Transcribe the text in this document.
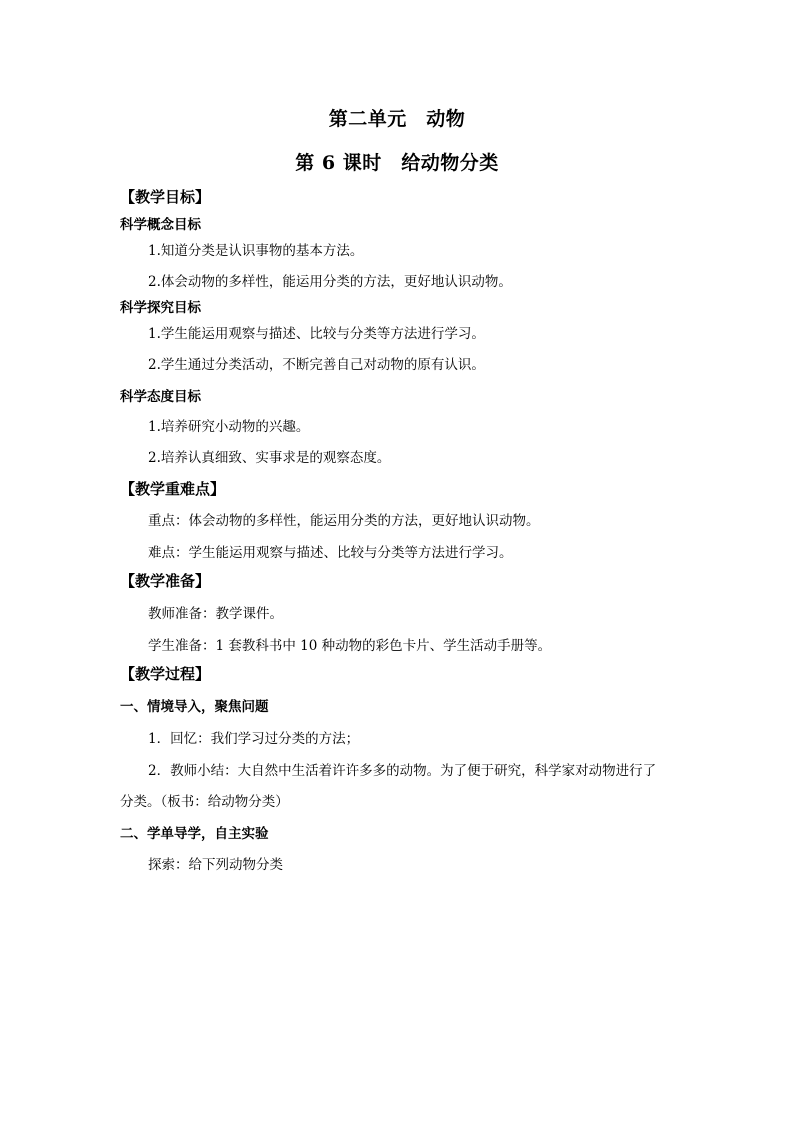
第二单元　动物
第 6 课时　给动物分类
【教学目标】
科学概念目标
1.知道分类是认识事物的基本方法。
2.体会动物的多样性，能运用分类的方法，更好地认识动物。
科学探究目标
1.学生能运用观察与描述、比较与分类等方法进行学习。
2.学生通过分类活动，不断完善自己对动物的原有认识。
科学态度目标
1.培养研究小动物的兴趣。
2.培养认真细致、实事求是的观察态度。
【教学重难点】
重点：体会动物的多样性，能运用分类的方法，更好地认识动物。
难点：学生能运用观察与描述、比较与分类等方法进行学习。
【教学准备】
教师准备：教学课件。
学生准备：1 套教科书中 10 种动物的彩色卡片、学生活动手册等。
【教学过程】
一、情境导入，聚焦问题
1．回忆：我们学习过分类的方法；
2．教师小结：大自然中生活着许许多多的动物。为了便于研究，科学家对动物进行了
分类。（板书：给动物分类）
二、学单导学，自主实验
探索：给下列动物分类
